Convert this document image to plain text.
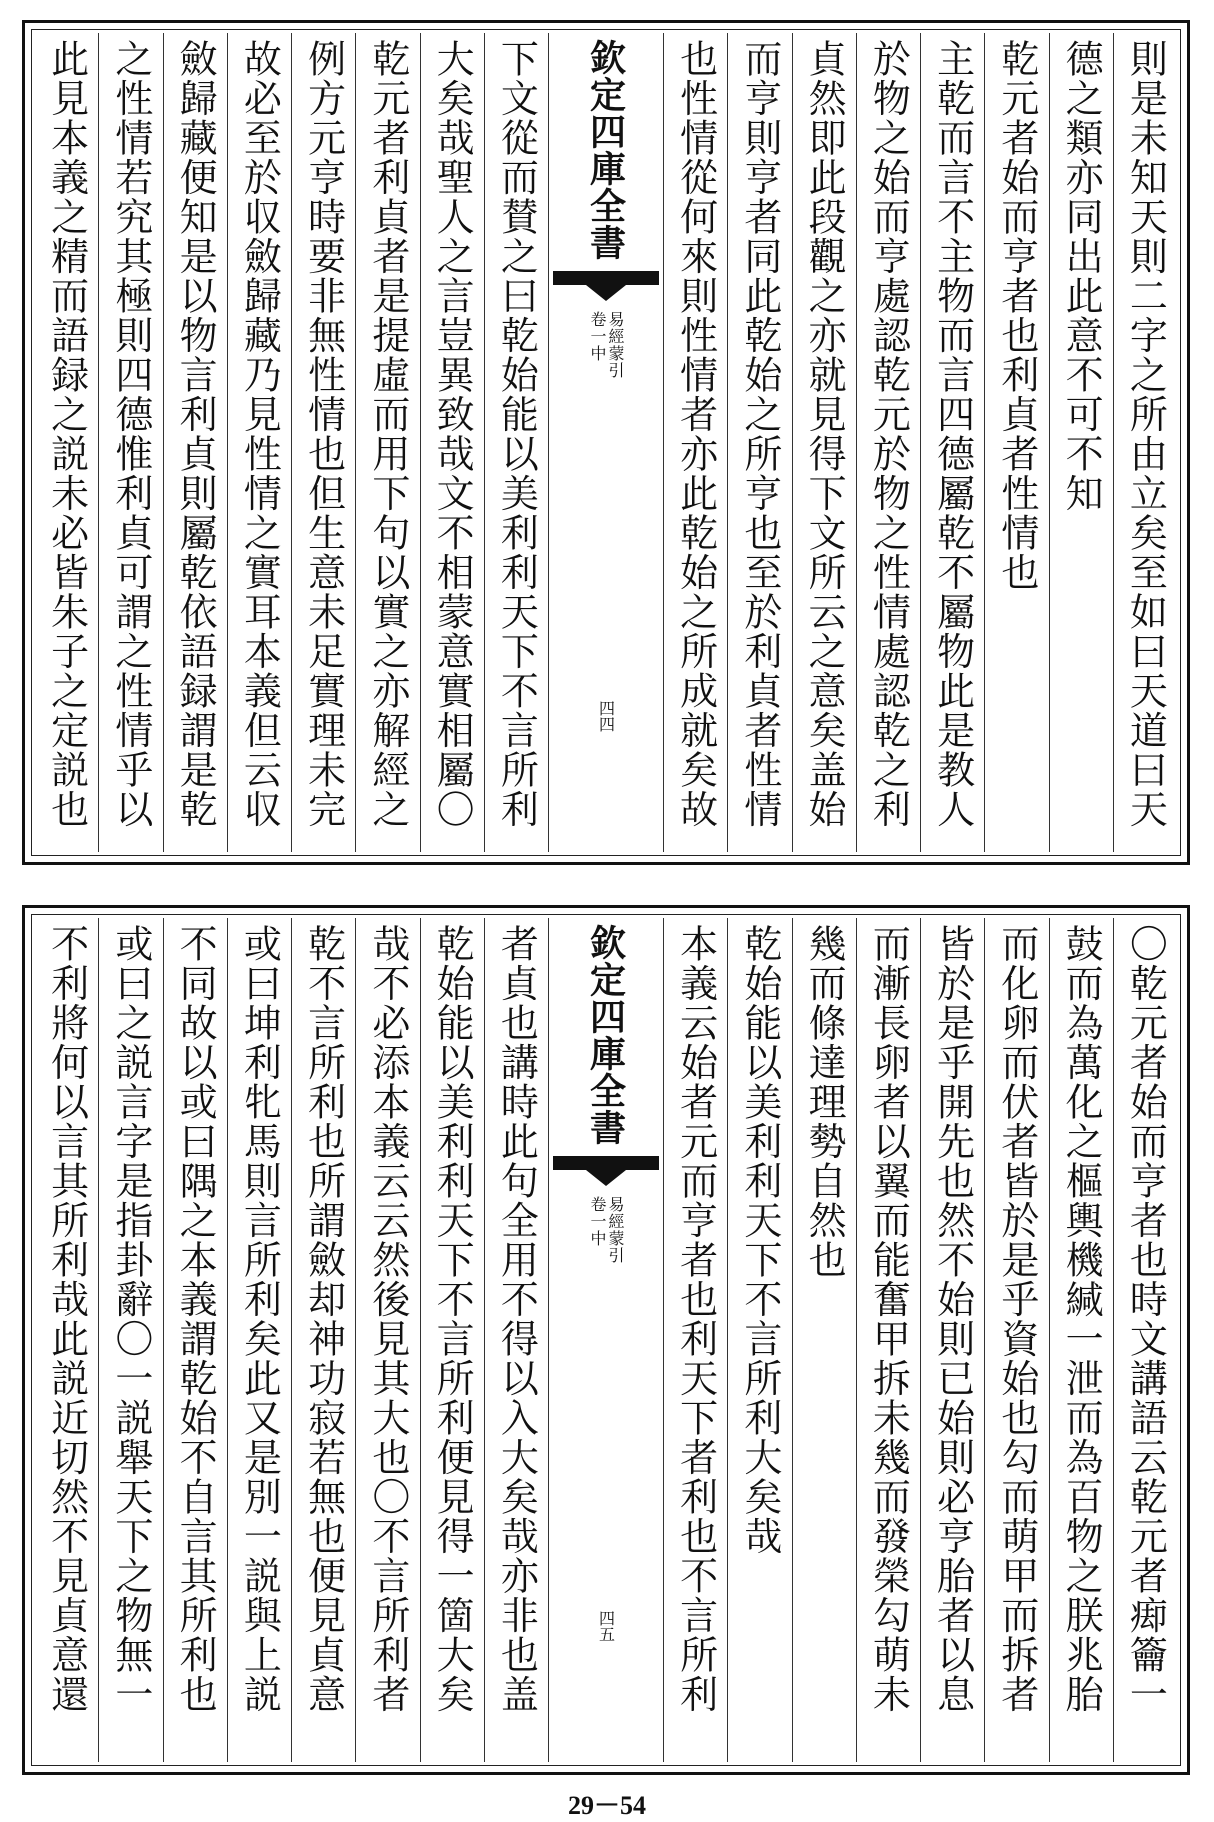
則是未知天則二字之所由立矣至如曰天道曰天
德之類亦同出此意不可不知
乾元者始而亨者也利貞者性情也
主乾而言不主物而言四德屬乾不屬物此是教人
於物之始而亨處認乾元於物之性情處認乾之利
貞然即此段觀之亦就見得下文所云之意矣盖始
而亨則亨者同此乾始之所亨也至於利貞者性情
也性情從何來則性情者亦此乾始之所成就矣故
欽定四庫全書
易經蒙引
卷一中
四四
下文從而賛之曰乾始能以美利利天下不言所利
大矣哉聖人之言豈異致哉文不相蒙意實相屬〇
乾元者利貞者是提虛而用下句以實之亦解經之
例方元亨時要非無性情也但生意未足實理未完
故必至於収斂歸藏乃見性情之實耳本義但云収
斂歸藏便知是以物言利貞則屬乾依語録謂是乾
之性情若究其極則四德惟利貞可謂之性情乎以
此見本義之精而語録之説未必皆朱子之定説也
〇乾元者始而亨者也時文講語云乾元者㾡籥一
鼓而為萬化之樞輿機緘一泄而為百物之朕兆胎
而化卵而伏者皆於是乎資始也勾而萌甲而拆者
皆於是乎開先也然不始則已始則必亨胎者以息
而漸長卵者以翼而能奮甲拆未幾而發榮勾萌未
幾而條達理勢自然也
乾始能以美利利天下不言所利大矣哉
本義云始者元而亨者也利天下者利也不言所利
欽定四庫全書
易經蒙引
卷一中
四五
者貞也講時此句全用不得以入大矣哉亦非也盖
乾始能以美利利天下不言所利便見得一箇大矣
哉不必添本義云云然後見其大也〇不言所利者
乾不言所利也所謂斂却神功寂若無也便見貞意
或曰坤利牝馬則言所利矣此又是別一説與上説
不同故以或曰隅之本義謂乾始不自言其所利也
或曰之説言字是指卦辭〇一説舉天下之物無一
不利將何以言其所利哉此説近切然不見貞意還
29－54
